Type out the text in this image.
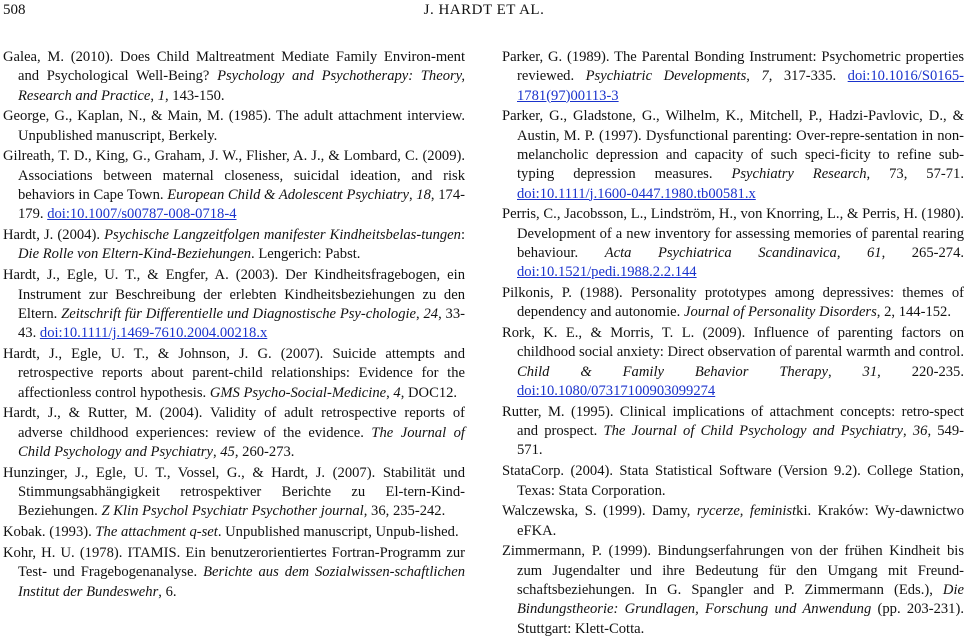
508	J. HARDT ET AL.

Galea, M. (2010). Does Child Maltreatment Mediate Family Environ-ment and Psychological Well-Being? Psychology and Psychotherapy: Theory, Research and Practice, 1, 143-150.

George, G., Kaplan, N., & Main, M. (1985). The adult attachment interview. Unpublished manuscript, Berkely.

Gilreath, T. D., King, G., Graham, J. W., Flisher, A. J., & Lombard, C. (2009). Associations between maternal closeness, suicidal ideation, and risk behaviors in Cape Town. European Child & Adolescent Psychiatry, 18, 174-179. doi:10.1007/s00787-008-0718-4

Hardt, J. (2004). Psychische Langzeitfolgen manifester Kindheitsbelas-tungen: Die Rolle von Eltern-Kind-Beziehungen. Lengerich: Pabst.

Hardt, J., Egle, U. T., & Engfer, A. (2003). Der Kindheitsfragebogen, ein Instrument zur Beschreibung der erlebten Kindheitsbeziehungen zu den Eltern. Zeitschrift für Differentielle und Diagnostische Psy-chologie, 24, 33-43. doi:10.1111/j.1469-7610.2004.00218.x

Hardt, J., Egle, U. T., & Johnson, J. G. (2007). Suicide attempts and retrospective reports about parent-child relationships: Evidence for the affectionless control hypothesis. GMS Psycho-Social-Medicine, 4, DOC12.

Hardt, J., & Rutter, M. (2004). Validity of adult retrospective reports of adverse childhood experiences: review of the evidence. The Journal of Child Psychology and Psychiatry, 45, 260-273.

Hunzinger, J., Egle, U. T., Vossel, G., & Hardt, J. (2007). Stabilität und Stimmungsabhängigkeit retrospektiver Berichte zu El-tern-Kind-Beziehungen. Z Klin Psychol Psychiatr Psychother journal, 36, 235-242.

Kobak. (1993). The attachment q-set. Unpublished manuscript, Unpub-lished.

Kohr, H. U. (1978). ITAMIS. Ein benutzerorientiertes Fortran-Programm zur Test- und Fragebogenanalyse. Berichte aus dem Sozialwissen-schaftlichen Institut der Bundeswehr, 6.

Parker, G. (1989). The Parental Bonding Instrument: Psychometric properties reviewed. Psychiatric Developments, 7, 317-335. doi:10.1016/S0165-1781(97)00113-3

Parker, G., Gladstone, G., Wilhelm, K., Mitchell, P., Hadzi-Pavlovic, D., & Austin, M. P. (1997). Dysfunctional parenting: Over-repre-sentation in non-melancholic depression and capacity of such speci-ficity to refine sub-typing depression measures. Psychiatry Research, 73, 57-71. doi:10.1111/j.1600-0447.1980.tb00581.x

Perris, C., Jacobsson, L., Lindström, H., von Knorring, L., & Perris, H. (1980). Development of a new inventory for assessing memories of parental rearing behaviour. Acta Psychiatrica Scandinavica, 61, 265-274. doi:10.1521/pedi.1988.2.2.144

Pilkonis, P. (1988). Personality prototypes among depressives: themes of dependency and autonomie. Journal of Personality Disorders, 2, 144-152.

Rork, K. E., & Morris, T. L. (2009). Influence of parenting factors on childhood social anxiety: Direct observation of parental warmth and control. Child & Family Behavior Therapy, 31, 220-235. doi:10.1080/07317100903099274

Rutter, M. (1995). Clinical implications of attachment concepts: retro-spect and prospect. The Journal of Child Psychology and Psychiatry, 36, 549-571.

StataCorp. (2004). Stata Statistical Software (Version 9.2). College Station, Texas: Stata Corporation.

Walczewska, S. (1999). Damy, rycerze, feministki. Kraków: Wy-dawnictwo eFKA.

Zimmermann, P. (1999). Bindungserfahrungen von der frühen Kindheit bis zum Jugendalter und ihre Bedeutung für den Umgang mit Freund-schaftsbeziehungen. In G. Spangler and P. Zimmermann (Eds.), Die Bindungstheorie: Grundlagen, Forschung und Anwendung (pp. 203-231). Stuttgart: Klett-Cotta.
